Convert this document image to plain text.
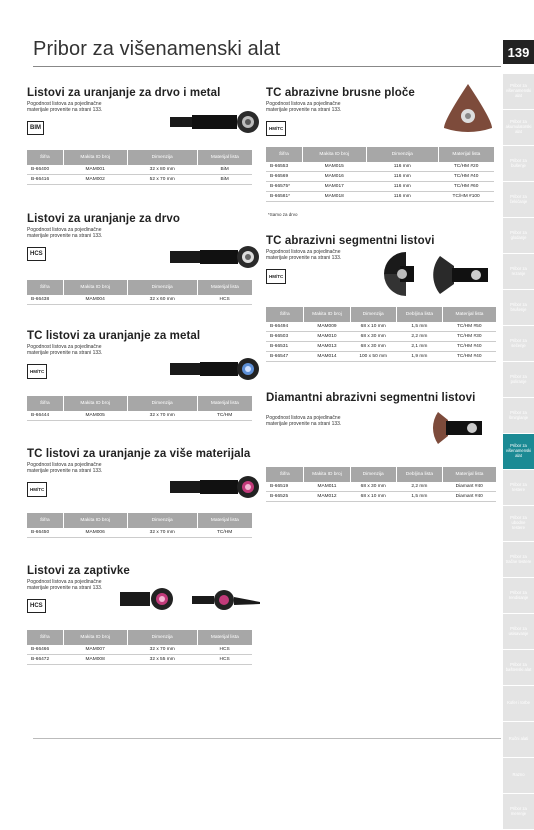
Pribor za višenamenski alat	139
Pribor za višenamenski alat
Pribor za akumulatorski alat
Pribor za bušenje
Pribor za čekićanje
Pribor za glodanje
Pribor za rezanje
Pribor za brušenje
Pribor za sečenje
Pribor za poliranje
Pribor za šmirglanje
Pribor za višenamenski alat
Pribor za testere
Pribor za ubodne testere
Pribor za tračne testere
Pribor za rendisanje
Pribor za usisavanje
Pribor za baštenski alat
Kofer i torbe
Ručni alati
Razno
Pribor za merenje
Listovi za uranjanje za drvo i metal
Pogodnost listova za pojedinačne materijale provenite na strani 133.
BIM
Šifra	Makita ID broj	Dimenzija	Materijal lista
B-66400	MAM001	32 x 80 mm	BiM
B-66416	MAM002	52 x 70 mm	BiM
Listovi za uranjanje za drvo
Pogodnost listova za pojedinačne materijale provenite na strani 133.
HCS
Šifra	Makita ID broj	Dimenzija	Materijal lista
B-66438	MAM004	32 x 60 mm	HCS
TC listovi za uranjanje za metal
Pogodnost listova za pojedinačne materijale provenite na strani 133.
HM/TC
Šifra	Makita ID broj	Dimenzija	Materijal lista
B-66444	MAM005	32 x 70 mm	TC/HM
TC listovi za uranjanje za više materijala
Pogodnost listova za pojedinačne materijale provenite na strani 133.
HM/TC
Šifra	Makita ID broj	Dimenzija	Materijal lista
B-66450	MAM006	32 x 70 mm	TC/HM
Listovi za zaptivke
Pogodnost listova za pojedinačne materijale provenite na strani 133.
HCS
Šifra	Makita ID broj	Dimenzija	Materijal lista
B-66466	MAM007	32 x 70 mm	HCS
B-66472	MAM008	32 x 55 mm	HCS
TC abrazivne brusne ploče
Pogodnost listova za pojedinačne materijale provenite na strani 133.
HM/TC
Šifra	Makita ID broj	Dimenzija	Materijal lista
B-66553	MAM015	116 mm	TC/HM #20
B-66569	MAM016	116 mm	TC/HM #40
B-66575*	MAM017	116 mm	TC/HM #60
B-66581*	MAM018	116 mm	TC/HM #100
*Samo za drvo
TC abrazivni segmentni listovi
Pogodnost listova za pojedinačne materijale provenite na strani 133.
HM/TC
Šifra	Makita ID broj	Dimenzija	Debljina lista	Materijal lista
B-66494	MAM009	68 x 10 mm	1,5 mm	TC/HM #50
B-66503	MAM010	68 x 30 mm	2,2 mm	TC/HM #30
B-66531	MAM013	68 x 30 mm	2,1 mm	TC/HM #40
B-66547	MAM014	100 x 50 mm	1,9 mm	TC/HM #40
Diamantni abrazivni segmentni listovi
Pogodnost listova za pojedinačne materijale provenite na strani 133.
Šifra	Makita ID broj	Dimenzija	Debljina lista	Materijal lista
B-66519	MAM011	68 x 30 mm	2,2 mm	Diamant #40
B-66525	MAM012	68 x 10 mm	1,5 mm	Diamant #40
